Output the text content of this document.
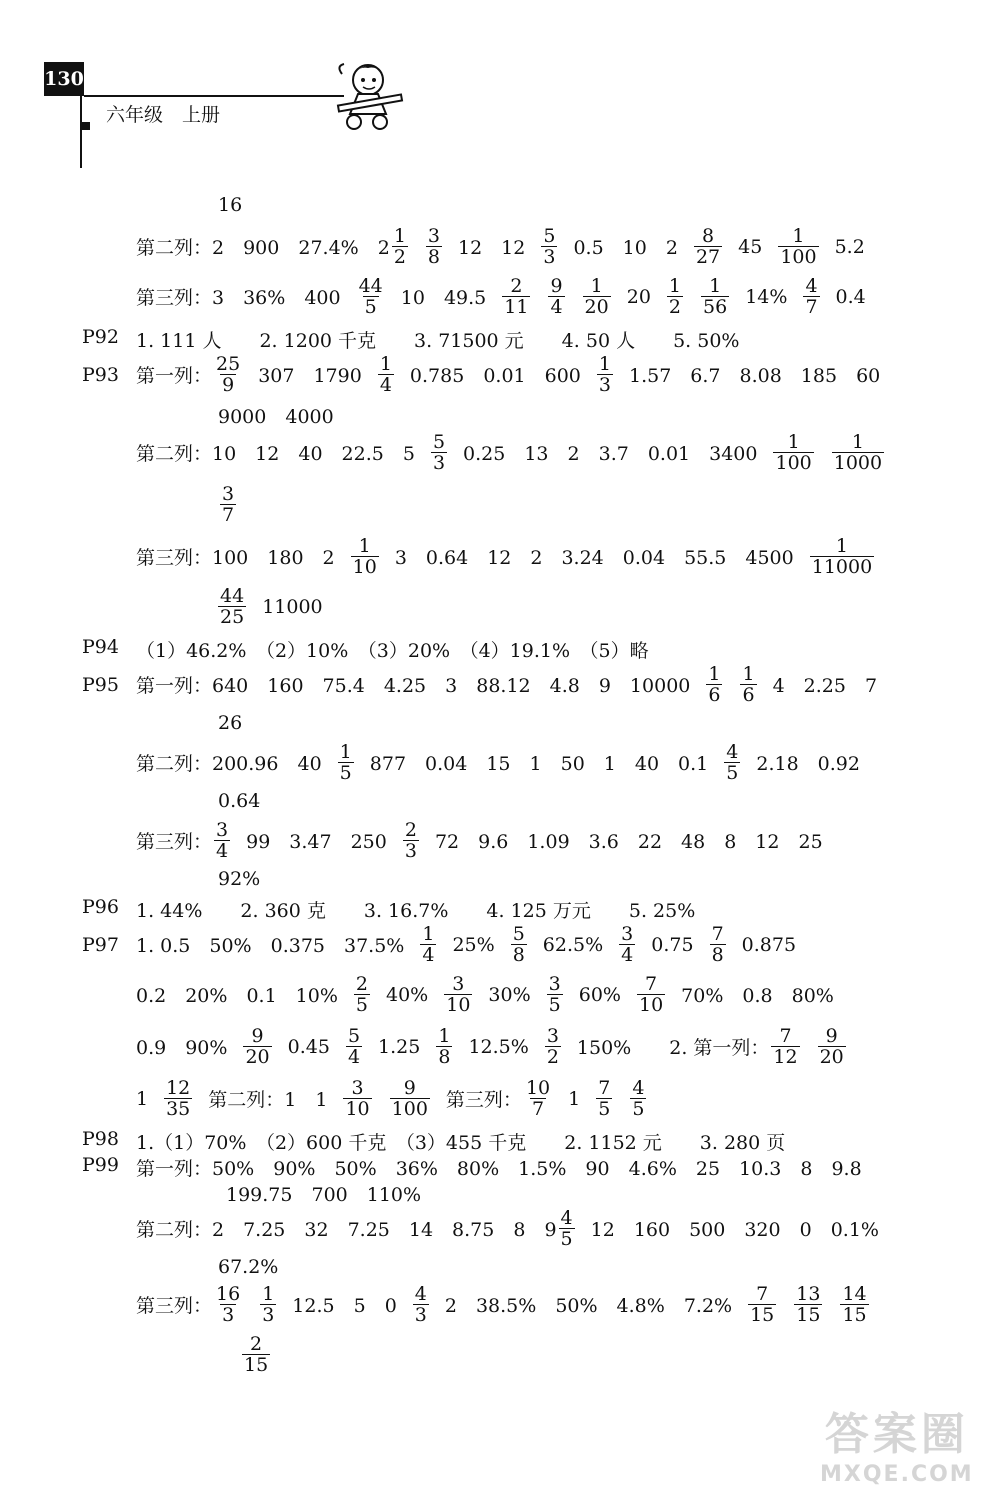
130
六年级　上册
16
第二列：2　900　27.4%　$2 \frac{1}{2} \frac{3}{8} 12$　$12 \frac{5}{3} 0.5$　10　$2 \frac{8}{27} 45 \frac{1}{100} 5.2$
第三列：3　36%　$400 \frac{44}{5} 10$　$49.5 \frac{2}{11} \frac{9}{4} \frac{1}{20} 20 \frac{1}{2} \frac{1}{56} 14\% \frac{4}{7} 0.4$
P92 1. 111 人　　2. 1200 千克　　3. 71500 元　　4. 50 人　　5. 50%
P93 第一列： $\frac{25}{9} 307$　$1790 \frac{1}{4} 0.785$　0.01　$600 \frac{1}{3} 1.57$　6.7　8.08　185　60
9000　4000
第二列：10　12　40　22.5　$5 \frac{5}{3} 0.25$　13　2　3.7　0.01　$3400 \frac{1}{100} \frac{1}{1000}$
$\frac{3}{7}$
第三列：100　180　$2 \frac{1}{10} 3$　0.64　12　2　3.24　0.04　55.5　$4500 \frac{1}{11000}$
$\frac{44}{25} 11000$
P94 （1）46.2%　（2）10%　（3）20%　（4）19.1%　（5）略
P95 第一列：640　160　75.4　4.25　3　88.12　4.8　9　$10000 \frac{1}{6} \frac{1}{6} 4$　2.25　7
26
第二列：200.96　$40 \frac{1}{5} 877$　0.04　15　1　50　1　40　$0.1 \frac{4}{5} 2.18$　0.92
0.64
第三列： $\frac{3}{4} 99$　3.47　$250 \frac{2}{3} 72$　9.6　1.09　3.6　22　48　8　12　25
92%
P96 1. 44%　　2. 360 克　　3. 16.7%　　4. 125 万元　　5. 25%
P97 1. 0.5　50%　0.375　$37.5\% \frac{1}{4} 25\% \frac{5}{8} 62.5\% \frac{3}{4} 0.75 \frac{7}{8} 0.875$
0.2　20%　0.1　$10\% \frac{2}{5} 40\% \frac{3}{10} 30\% \frac{3}{5} 60\% \frac{7}{10} 70\%$　0.8　80%
0.9　$90\% \frac{9}{20} 0.45 \frac{5}{4} 1.25 \frac{1}{8} 12.5\% \frac{3}{2} 150\%$　　2. 第一列： $\frac{7}{12} \frac{9}{20}$
$1 \frac{12}{35}$ 第二列：1　$1 \frac{3}{10} \frac{9}{100}$ 第三列： $\frac{10}{7} 1 \frac{7}{5} \frac{4}{5}$
P98 1.（1）70%　（2）600 千克　（3）455 千克　　2. 1152 元　　3. 280 页
P99 第一列：50%　90%　50%　36%　80%　1.5%　90　4.6%　25　10.3　8　9.8
199.75　700　110%
第二列：2　7.25　32　7.25　14　8.75　8　$9 \frac{4}{5} 12$　160　500　320　0　0.1%
67.2%
第三列： $\frac{16}{3} \frac{1}{3} 12.5$　5　$0 \frac{4}{3} 2$　38.5%　50%　4.8%　$7.2\% \frac{7}{15} \frac{13}{15} \frac{14}{15}$
$\frac{2}{15}$
答案圈
MXQE.COM
